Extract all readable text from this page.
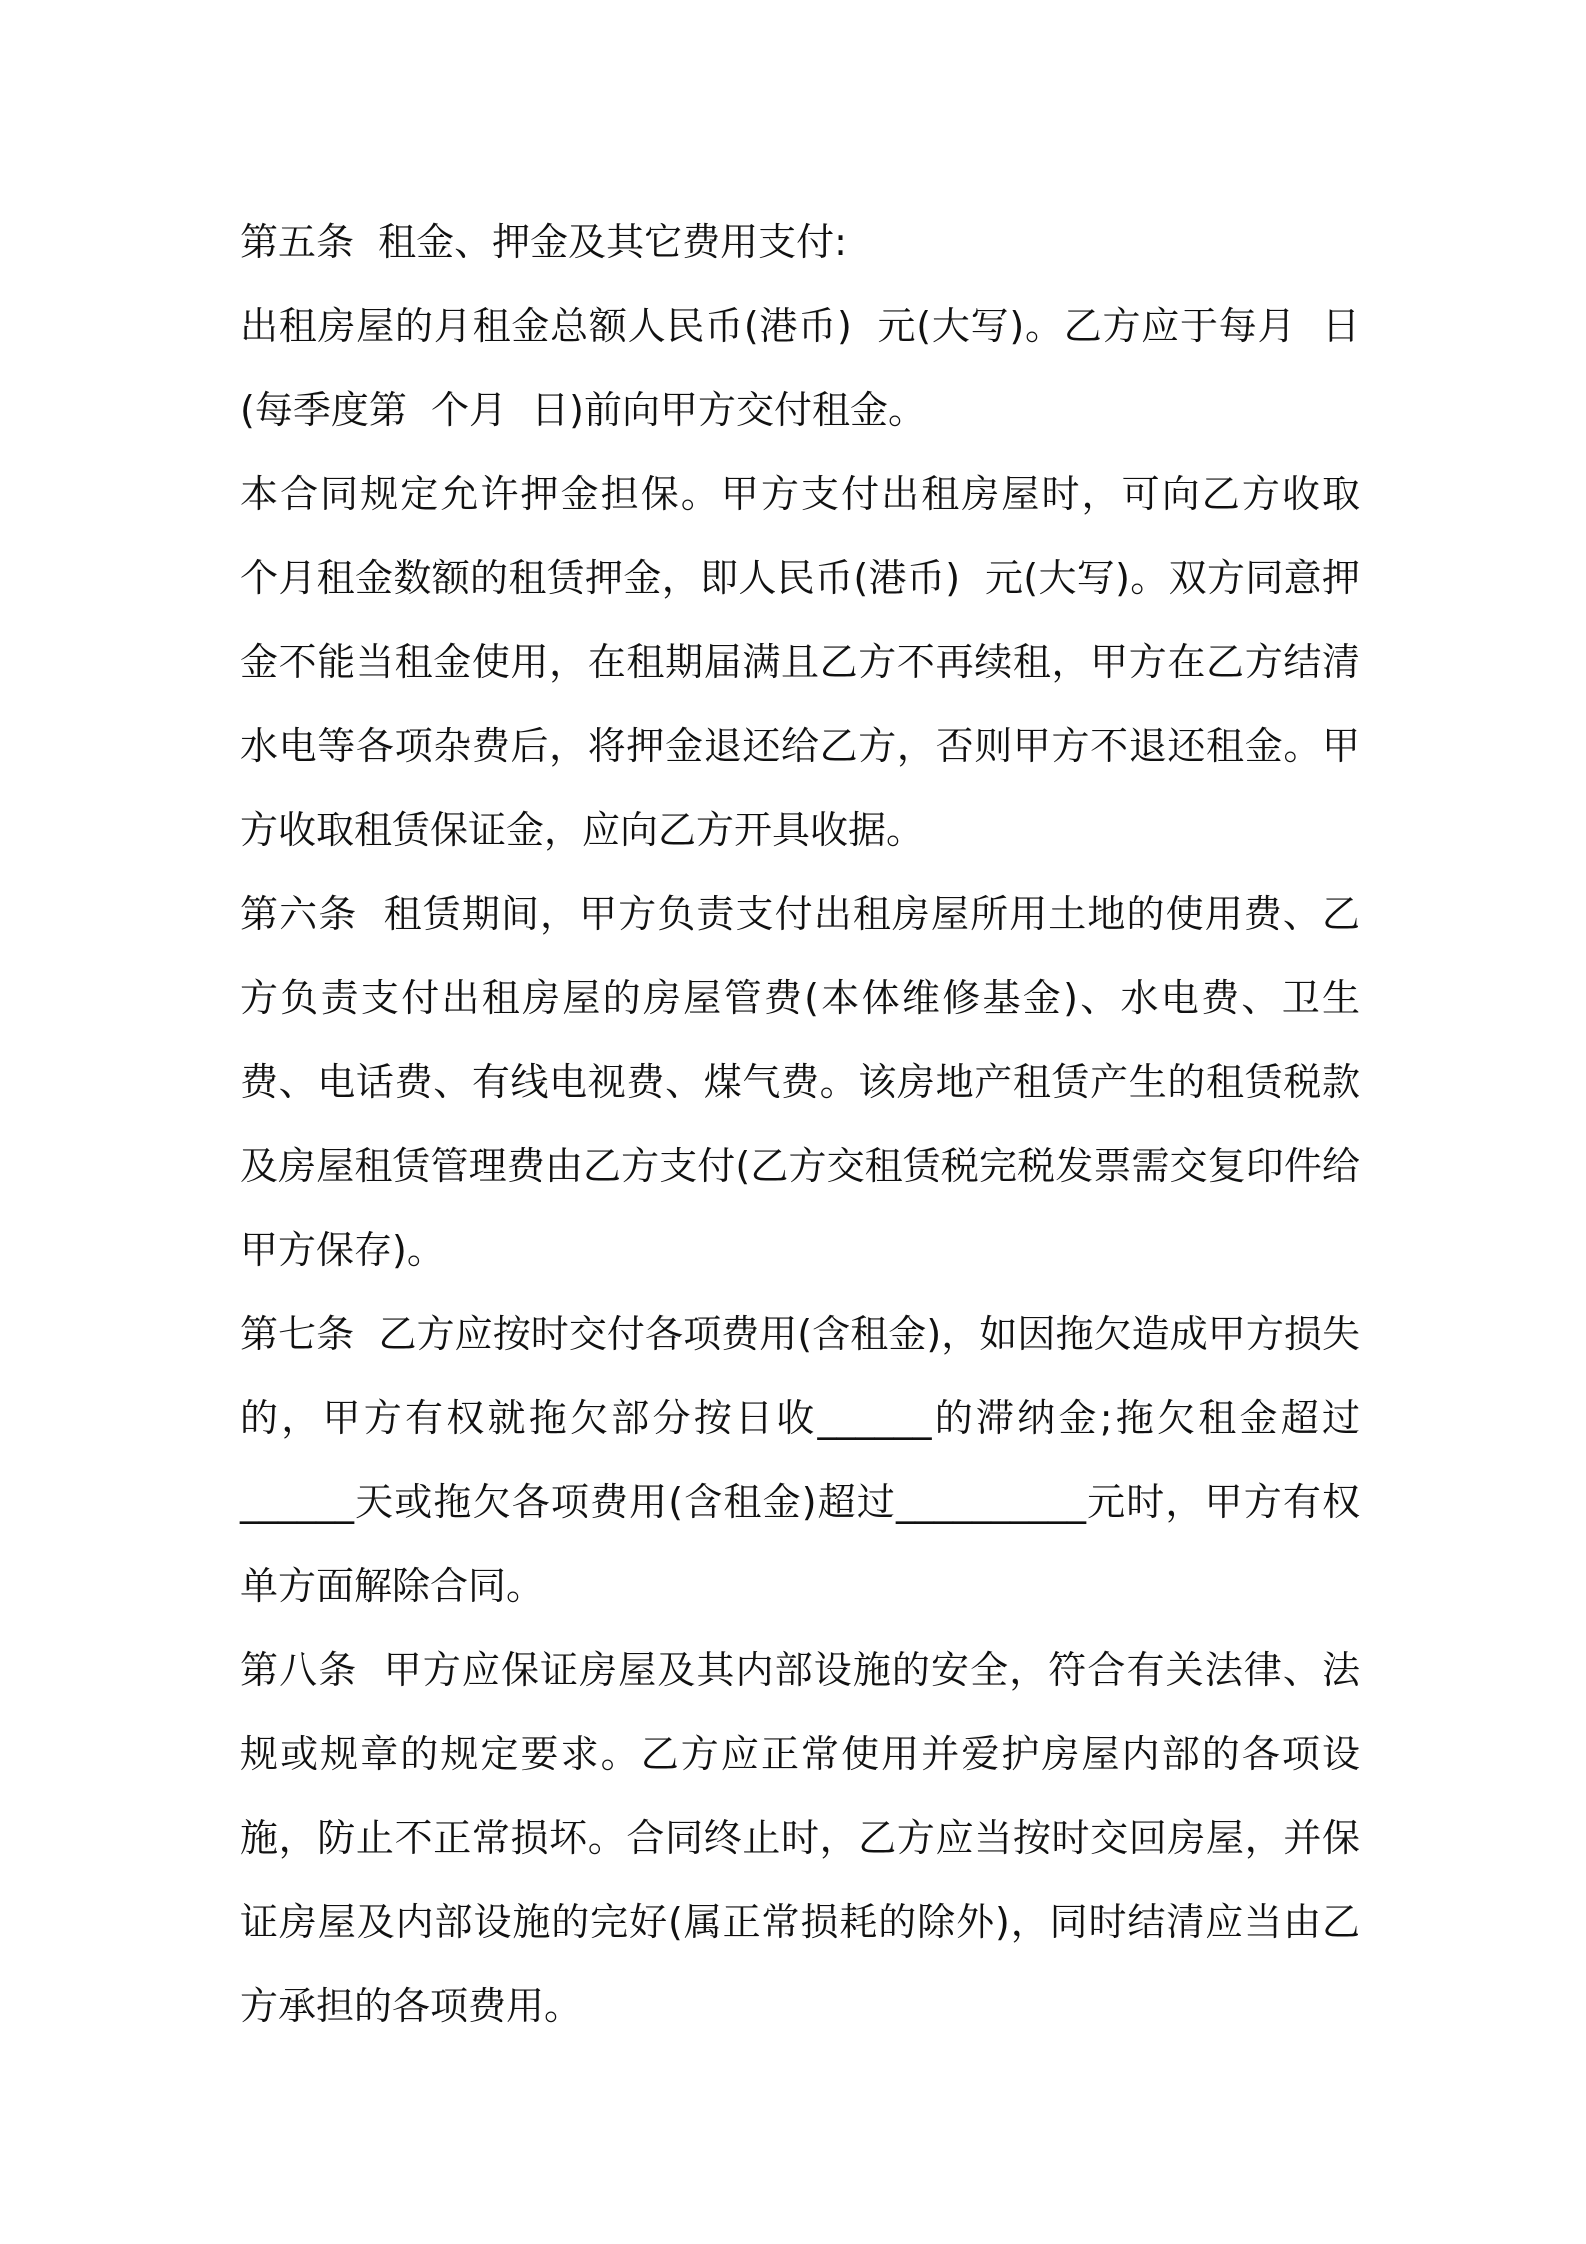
第五条  租金、押金及其它费用支付:

出租房屋的月租金总额人民币(港币)  元(大写)。乙方应于每月  日(每季度第  个月  日)前向甲方交付租金。

本合同规定允许押金担保。甲方支付出租房屋时，可向乙方收取  个月租金数额的租赁押金，即人民币(港币)  元(大写)。双方同意押金不能当租金使用，在租期届满且乙方不再续租，甲方在乙方结清水电等各项杂费后，将押金退还给乙方，否则甲方不退还租金。甲方收取租赁保证金，应向乙方开具收据。

第六条  租赁期间，甲方负责支付出租房屋所用土地的使用费、乙方负责支付出租房屋的房屋管费(本体维修基金)、水电费、卫生费、电话费、有线电视费、煤气费。该房地产租赁产生的租赁税款及房屋租赁管理费由乙方支付(乙方交租赁税完税发票需交复印件给甲方保存)。

第七条  乙方应按时交付各项费用(含租金)，如因拖欠造成甲方损失的，甲方有权就拖欠部分按日收______的滞纳金;拖欠租金超过______天或拖欠各项费用(含租金)超过__________元时，甲方有权单方面解除合同。

第八条  甲方应保证房屋及其内部设施的安全，符合有关法律、法规或规章的规定要求。乙方应正常使用并爱护房屋内部的各项设施，防止不正常损坏。合同终止时，乙方应当按时交回房屋，并保证房屋及内部设施的完好(属正常损耗的除外)，同时结清应当由乙方承担的各项费用。
